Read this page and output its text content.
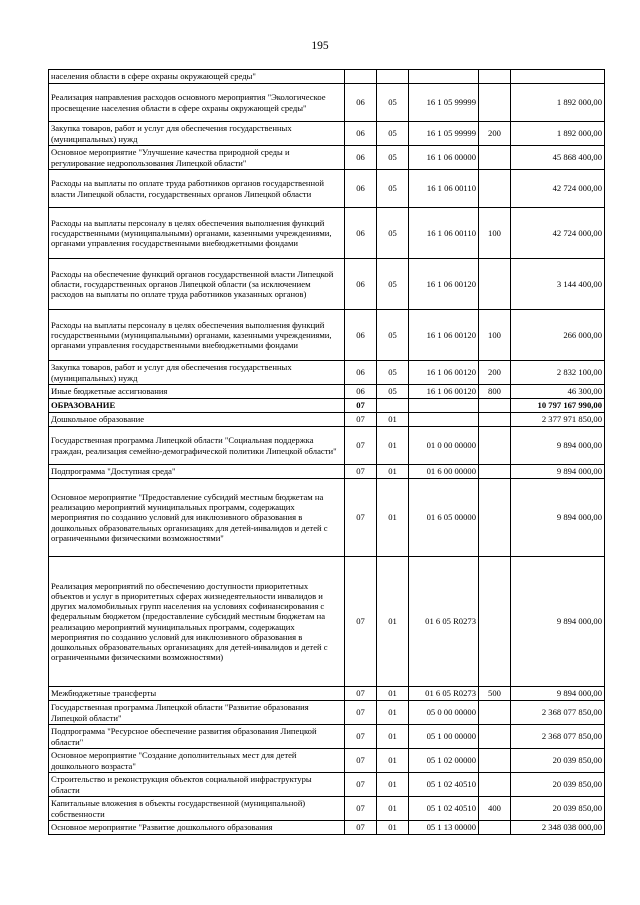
195
населения области в сфере охраны окружающей среды"					
Реализация направления расходов основного мероприятия "Экологическое просвещение населения области в сфере охраны окружающей среды"	06	05	16 1 05 99999		1 892 000,00
Закупка товаров, работ и услуг для обеспечения государственных (муниципальных) нужд	06	05	16 1 05 99999	200	1 892 000,00
Основное мероприятие "Улучшение качества природной среды и регулирование недропользования Липецкой области"	06	05	16 1 06 00000		45 868 400,00
Расходы на выплаты по оплате труда работников органов государственной власти Липецкой области, государственных органов Липецкой области	06	05	16 1 06 00110		42 724 000,00
Расходы на выплаты персоналу в целях обеспечения выполнения функций государственными (муниципальными) органами, казенными учреждениями, органами управления государственными внебюджетными фондами	06	05	16 1 06 00110	100	42 724 000,00
Расходы на обеспечение функций органов государственной власти Липецкой области, государственных органов Липецкой области (за исключением расходов на выплаты по оплате труда работников указанных органов)	06	05	16 1 06 00120		3 144 400,00
Расходы на выплаты персоналу в целях обеспечения выполнения функций государственными (муниципальными) органами, казенными учреждениями, органами управления государственными внебюджетными фондами	06	05	16 1 06 00120	100	266 000,00
Закупка товаров, работ и услуг для обеспечения государственных (муниципальных) нужд	06	05	16 1 06 00120	200	2 832 100,00
Иные бюджетные ассигнования	06	05	16 1 06 00120	800	46 300,00
ОБРАЗОВАНИЕ	07				10 797 167 990,00
Дошкольное образование	07	01			2 377 971 850,00
Государственная программа Липецкой области "Социальная поддержка граждан, реализация семейно-демографической политики Липецкой области"	07	01	01 0 00 00000		9 894 000,00
Подпрограмма "Доступная среда"	07	01	01 6 00 00000		9 894 000,00
Основное мероприятие "Предоставление субсидий местным бюджетам на реализацию мероприятий муниципальных программ, содержащих мероприятия по созданию условий для инклюзивного образования в дошкольных образовательных организациях для детей-инвалидов и детей с ограниченными физическими возможностями"	07	01	01 6 05 00000		9 894 000,00
Реализация мероприятий по обеспечению доступности приоритетных объектов и услуг в приоритетных сферах жизнедеятельности инвалидов и других маломобильных групп населения на условиях софинансирования с федеральным бюджетом (предоставление субсидий местным бюджетам на реализацию мероприятий муниципальных программ, содержащих мероприятия по созданию условий для инклюзивного образования в дошкольных образовательных организациях для детей-инвалидов и детей с ограниченными физическими возможностями)	07	01	01 6 05 R0273		9 894 000,00
Межбюджетные трансферты	07	01	01 6 05 R0273	500	9 894 000,00
Государственная программа Липецкой области "Развитие образования Липецкой области"	07	01	05 0 00 00000		2 368 077 850,00
Подпрограмма "Ресурсное обеспечение развития образования Липецкой области"	07	01	05 1 00 00000		2 368 077 850,00
Основное мероприятие "Создание дополнительных мест для детей дошкольного возраста"	07	01	05 1 02 00000		20 039 850,00
Строительство и реконструкция объектов социальной инфраструктуры области	07	01	05 1 02 40510		20 039 850,00
Капитальные вложения в объекты государственной (муниципальной) собственности	07	01	05 1 02 40510	400	20 039 850,00
Основное мероприятие "Развитие дошкольного образования	07	01	05 1 13 00000		2 348 038 000,00
